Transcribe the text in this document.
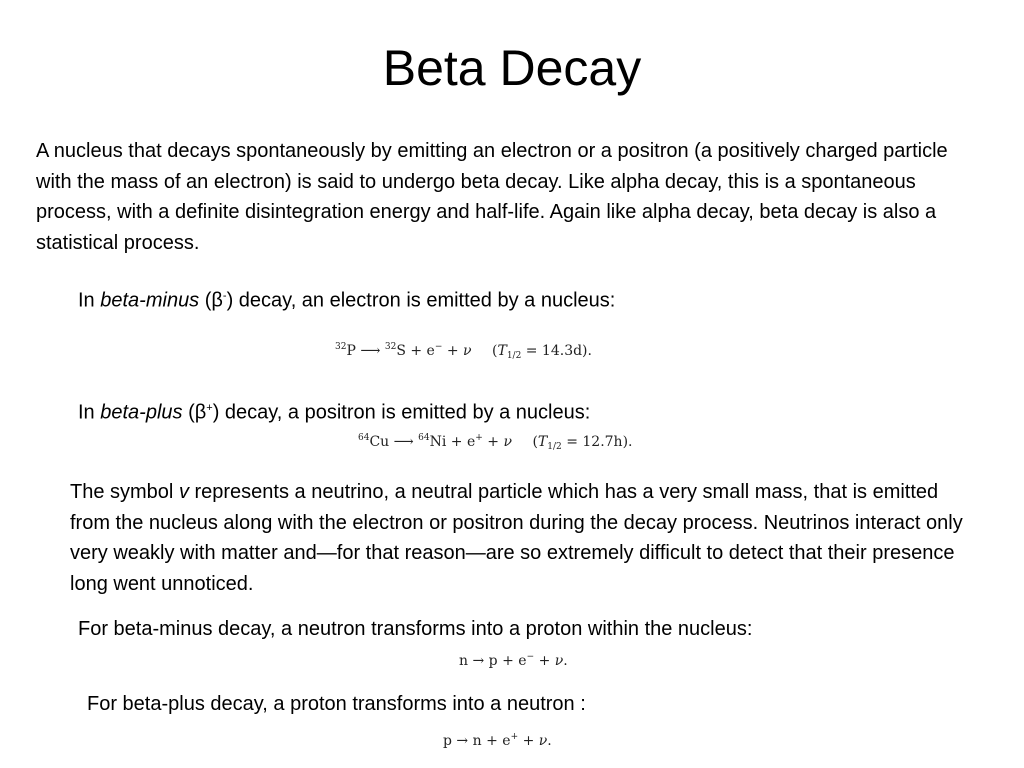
Beta Decay

A nucleus that decays spontaneously by emitting an electron or a positron (a positively charged particle with the mass of an electron) is said to undergo beta decay. Like alpha decay, this is a spontaneous process, with a definite disintegration energy and half-life. Again like alpha decay, beta decay is also a statistical process.

In beta-minus (β-) decay, an electron is emitted by a nucleus:

$^{32}$P ⟶ $^{32}$S + e− + ν $(T_{1/2} = 14.3d)$.

In beta-plus (β+) decay, a positron is emitted by a nucleus:

$^{64}$Cu ⟶ $^{64}$Ni + e+ + ν $(T_{1/2} = 12.7h)$.

The symbol v represents a neutrino, a neutral particle which has a very small mass, that is emitted from the nucleus along with the electron or positron during the decay process. Neutrinos interact only very weakly with matter and—for that reason—are so extremely difficult to detect that their presence long went unnoticed.

For beta-minus decay, a neutron transforms into a proton within the nucleus:

n → p + e− + ν.

For beta-plus decay, a proton transforms into a neutron :

p → n + e+ + ν.
